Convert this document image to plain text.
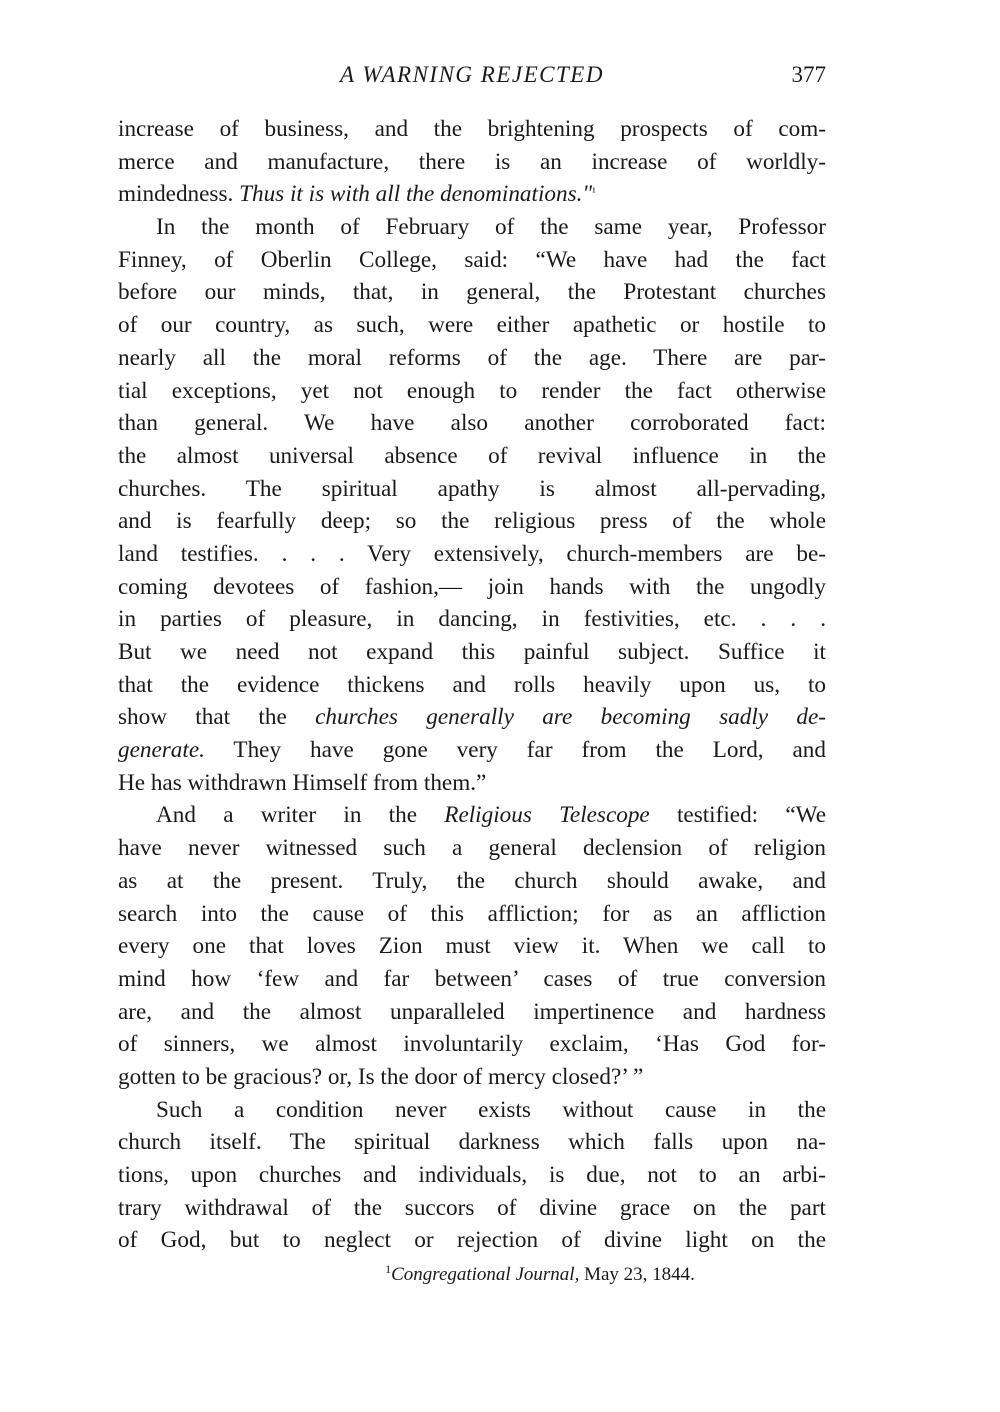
A WARNING REJECTED	377
increase of business, and the brightening prospects of com-
merce and manufacture, there is an increase of worldly-
mindedness. Thus it is with all the denominations."$^{^1}$
In the month of February of the same year, Professor
Finney, of Oberlin College, said: “We have had the fact
before our minds, that, in general, the Protestant churches
of our country, as such, were either apathetic or hostile to
nearly all the moral reforms of the age. There are par-
tial exceptions, yet not enough to render the fact otherwise
than general. We have also another corroborated fact:
the almost universal absence of revival influence in the
churches. The spiritual apathy is almost all-pervading,
and is fearfully deep; so the religious press of the whole
land testifies. . . . Very extensively, church-members are be-
coming devotees of fashion,— join hands with the ungodly
in parties of pleasure, in dancing, in festivities, etc. . . .
But we need not expand this painful subject. Suffice it
that the evidence thickens and rolls heavily upon us, to
show that the churches generally are becoming sadly de-
generate. They have gone very far from the Lord, and
He has withdrawn Himself from them.”
And a writer in the Religious Telescope testified: “We
have never witnessed such a general declension of religion
as at the present. Truly, the church should awake, and
search into the cause of this affliction; for as an affliction
every one that loves Zion must view it. When we call to
mind how ‘few and far between’ cases of true conversion
are, and the almost unparalleled impertinence and hardness
of sinners, we almost involuntarily exclaim, ‘Has God for-
gotten to be gracious? or, Is the door of mercy closed?’ ”
Such a condition never exists without cause in the
church itself. The spiritual darkness which falls upon na-
tions, upon churches and individuals, is due, not to an arbi-
trary withdrawal of the succors of divine grace on the part
of God, but to neglect or rejection of divine light on the
$^1$Congregational Journal, May 23, 1844.
